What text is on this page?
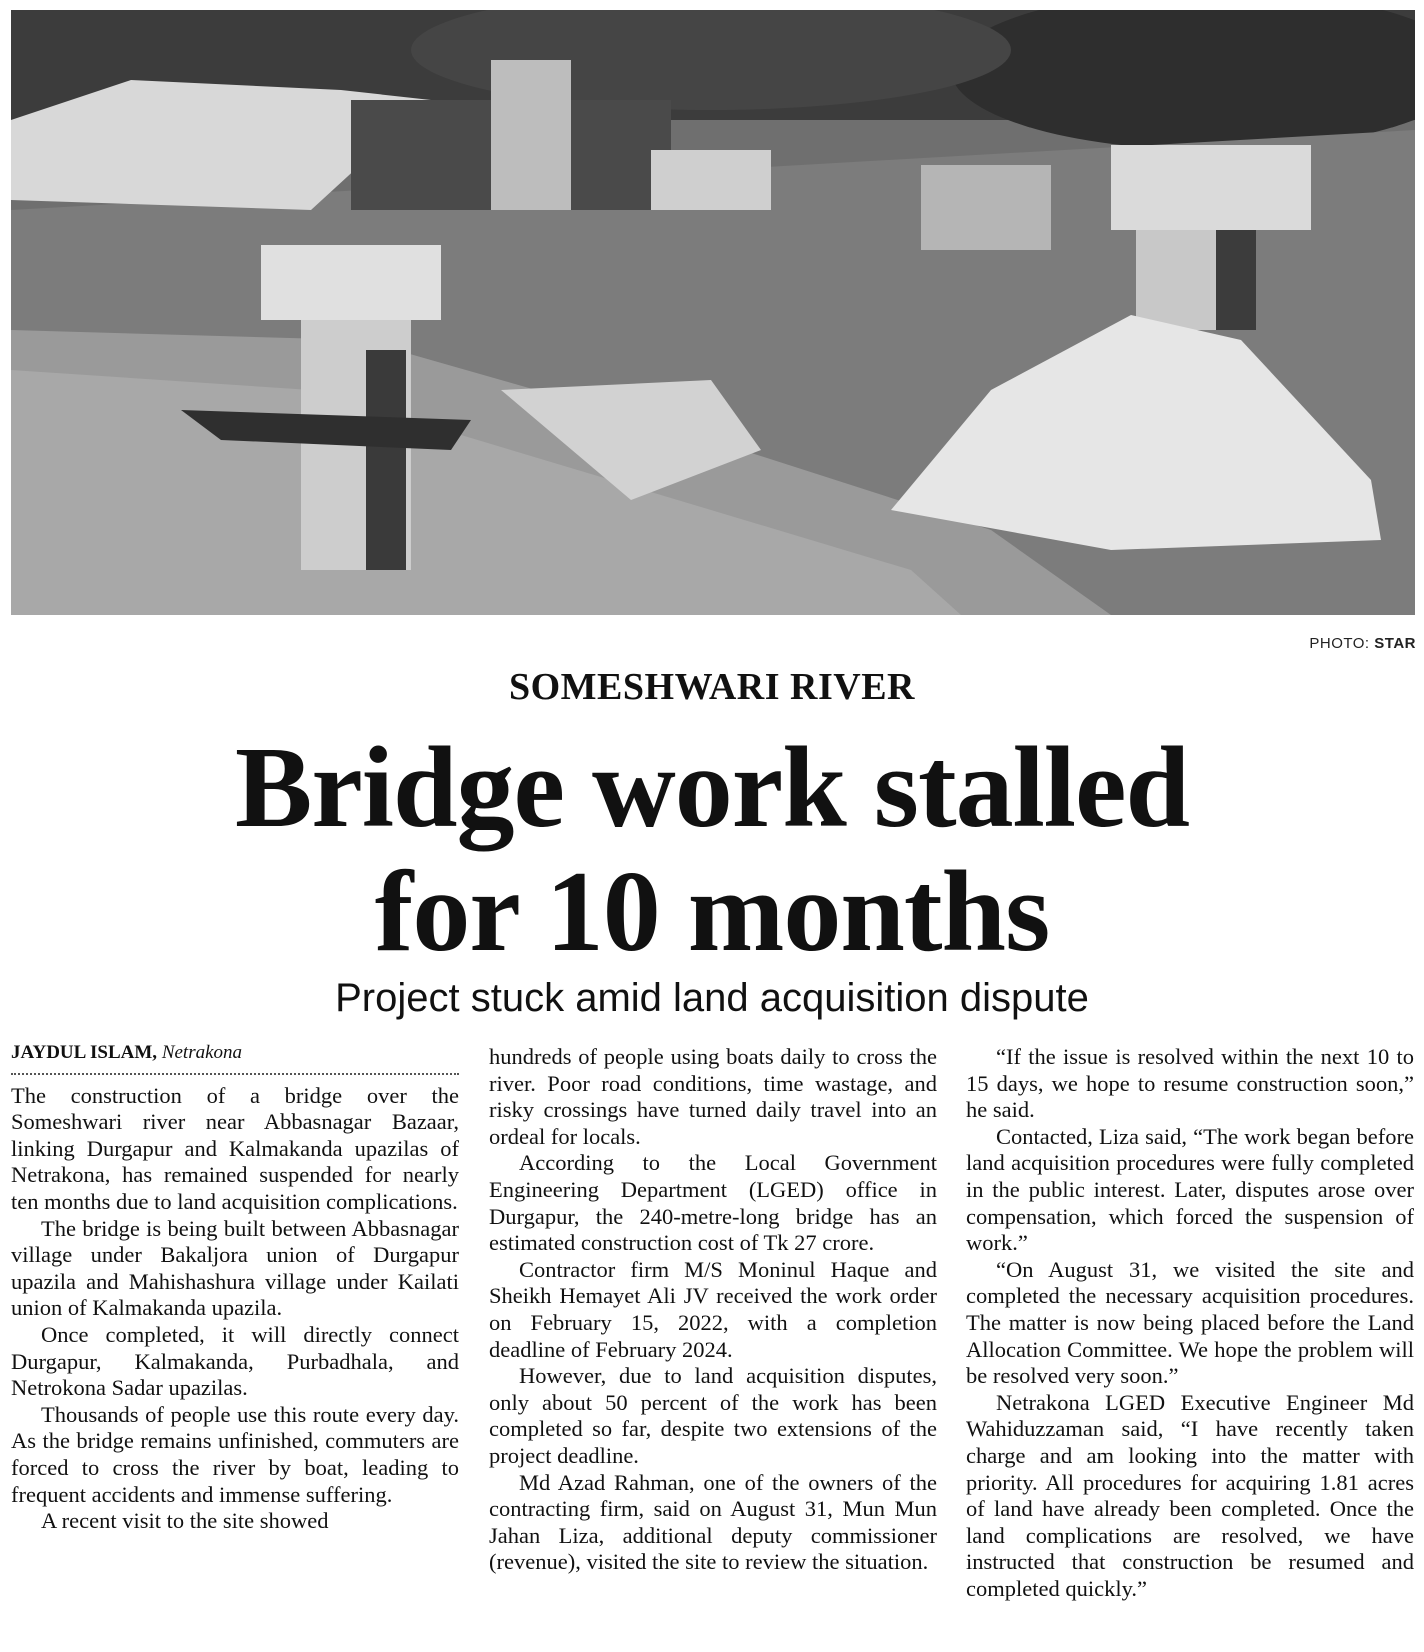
PHOTO: STAR
SOMESHWARI RIVER
Bridge work stalled
for 10 months
Project stuck amid land acquisition dispute
JAYDUL ISLAM, Netrakona

The construction of a bridge over the Someshwari river near Abbasnagar Bazaar, linking Durgapur and Kalmakanda upazilas of Netrakona, has remained suspended for nearly ten months due to land acquisition complications.

The bridge is being built between Abbasnagar village under Bakaljora union of Durgapur upazila and Mahishashura village under Kailati union of Kalmakanda upazila.

Once completed, it will directly connect Durgapur, Kalmakanda, Purbadhala, and Netrokona Sadar upazilas.

Thousands of people use this route every day. As the bridge remains unfinished, commuters are forced to cross the river by boat, leading to frequent accidents and immense suffering.

A recent visit to the site showed

hundreds of people using boats daily to cross the river. Poor road conditions, time wastage, and risky crossings have turned daily travel into an ordeal for locals.

According to the Local Government Engineering Department (LGED) office in Durgapur, the 240-metre-long bridge has an estimated construction cost of Tk 27 crore.

Contractor firm M/S Moninul Haque and Sheikh Hemayet Ali JV received the work order on February 15, 2022, with a completion deadline of February 2024.

However, due to land acquisition disputes, only about 50 percent of the work has been completed so far, despite two extensions of the project deadline.

Md Azad Rahman, one of the owners of the contracting firm, said on August 31, Mun Mun Jahan Liza, additional deputy commissioner (revenue), visited the site to review the situation.

“If the issue is resolved within the next 10 to 15 days, we hope to resume construction soon,” he said.

Contacted, Liza said, “The work began before land acquisition procedures were fully completed in the public interest. Later, disputes arose over compensation, which forced the suspension of work.”

“On August 31, we visited the site and completed the necessary acquisition procedures. The matter is now being placed before the Land Allocation Committee. We hope the problem will be resolved very soon.”

Netrakona LGED Executive Engineer Md Wahiduzzaman said, “I have recently taken charge and am looking into the matter with priority. All procedures for acquiring 1.81 acres of land have already been completed. Once the land complications are resolved, we have instructed that construction be resumed and completed quickly.”
